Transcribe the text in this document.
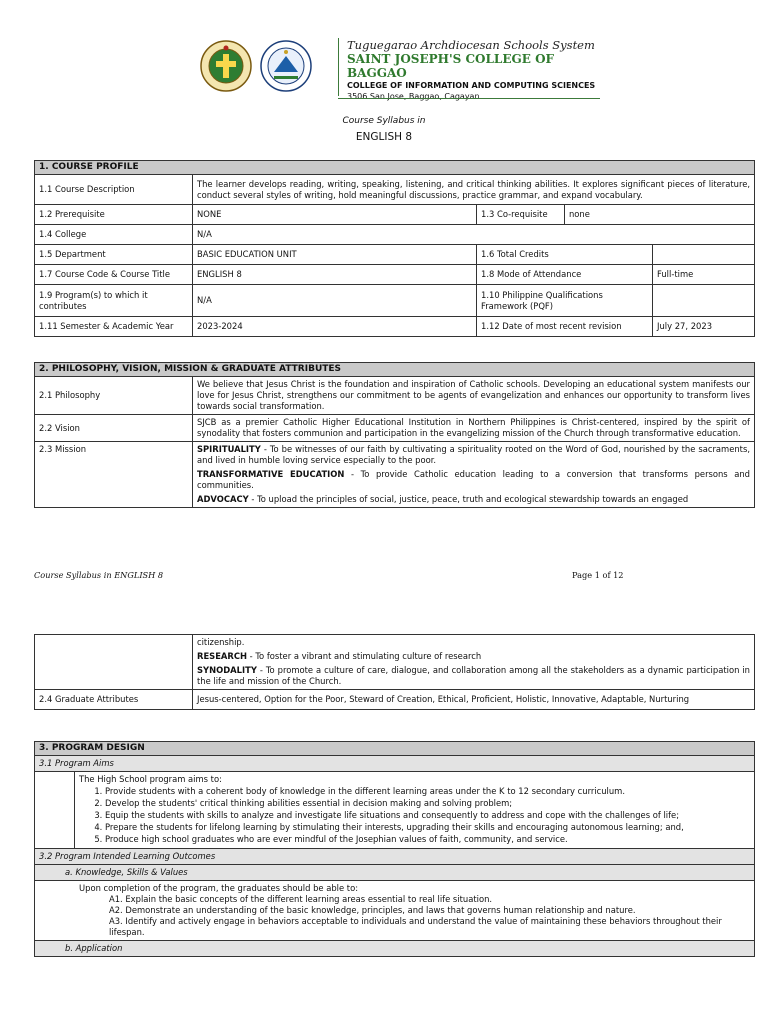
Tuguegarao Archdiocesan Schools System
SAINT JOSEPH'S COLLEGE OF BAGGAO
COLLEGE OF INFORMATION AND COMPUTING SCIENCES
3506 San Jose, Baggao, Cagayan
Course Syllabus in
ENGLISH 8
1. COURSE PROFILE				
1.1 Course Description	The learner develops reading, writing, speaking, listening, and critical thinking abilities. It explores significant pieces of literature, conduct several styles of writing, hold meaningful discussions, practice grammar, and expand vocabulary.			
1.2 Prerequisite	NONE	1.3 Co-requisite	none	
1.4 College	N/A			
1.5 Department	BASIC EDUCATION UNIT	1.6 Total Credits		
1.7 Course Code & Course Title	ENGLISH 8	1.8 Mode of Attendance		Full-time
1.9 Program(s) to which it contributes	N/A	1.10 Philippine Qualifications Framework (PQF)		
1.11 Semester & Academic Year	2023-2024	1.12 Date of most recent revision		July 27, 2023
2. PHILOSOPHY, VISION, MISSION & GRADUATE ATTRIBUTES	
2.1 Philosophy	We believe that Jesus Christ is the foundation and inspiration of Catholic schools. Developing an educational system manifests our love for Jesus Christ, strengthens our commitment to be agents of evangelization and enhances our opportunity to transform lives towards social transformation.
2.2 Vision	SJCB as a premier Catholic Higher Educational Institution in Northern Philippines is Christ-centered, inspired by the spirit of synodality that fosters communion and participation in the evangelizing mission of the Church through transformative education.
2.3 Mission	SPIRITUALITY - To be witnesses of our faith by cultivating a spirituality rooted on the Word of God, nourished by the sacraments, and lived in humble loving service especially to the poor.
TRANSFORMATIVE EDUCATION - To provide Catholic education leading to a conversion that transforms persons and communities.
ADVOCACY - To upload the principles of social, justice, peace, truth and ecological stewardship towards an engaged
Course Syllabus in ENGLISH 8	Page 1 of 12

	citizenship.
RESEARCH - To foster a vibrant and stimulating culture of research
SYNODALITY - To promote a culture of care, dialogue, and collaboration among all the stakeholders as a dynamic participation in the life and mission of the Church.

2.4 Graduate Attributes	Jesus-centered, Option for the Poor, Steward of Creation, Ethical, Proficient, Holistic, Innovative, Adaptable, Nurturing
3. PROGRAM DESIGN
3.1 Program Aims

The High School program aims to:
1. Provide students with a coherent body of knowledge in the different learning areas under the K to 12 secondary curriculum.
2. Develop the students' critical thinking abilities essential in decision making and solving problem;
3. Equip the students with skills to analyze and investigate life situations and consequently to address and cope with the challenges of life;
4. Prepare the students for lifelong learning by stimulating their interests, upgrading their skills and encouraging autonomous learning; and,
5. Produce high school graduates who are ever mindful of the Josephian values of faith, community, and service.

3.2 Program Intended Learning Outcomes
a. Knowledge, Skills & Values

Upon completion of the program, the graduates should be able to:
A1. Explain the basic concepts of the different learning areas essential to real life situation.
A2. Demonstrate an understanding of the basic knowledge, principles, and laws that governs human relationship and nature.
A3. Identify and actively engage in behaviors acceptable to individuals and understand the value of maintaining these behaviors throughout their lifespan.

b. Application
